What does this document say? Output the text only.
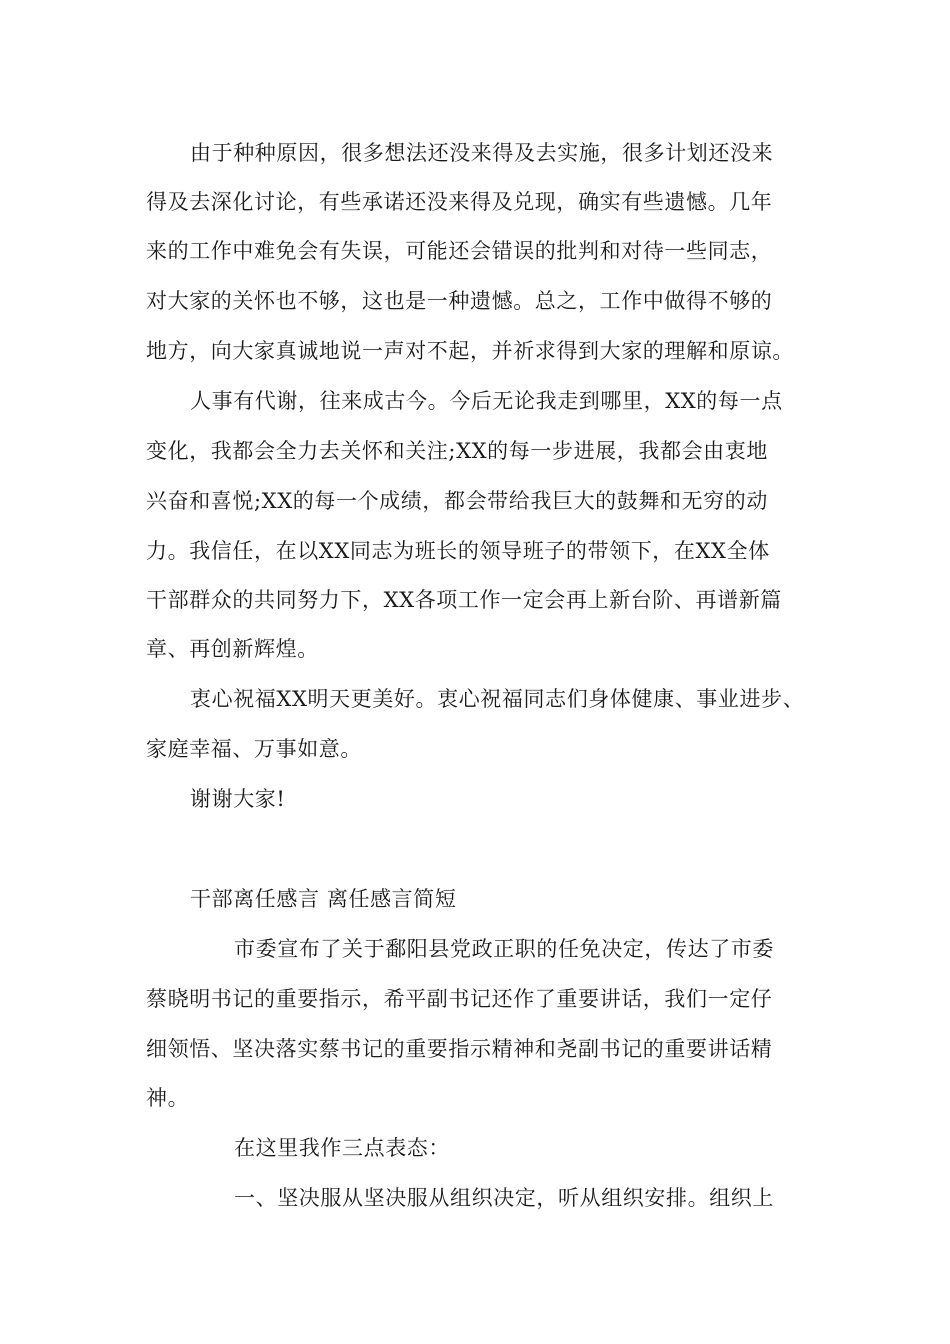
由于种种原因，很多想法还没来得及去实施，很多计划还没来
得及去深化讨论，有些承诺还没来得及兑现，确实有些遗憾。几年
来的工作中难免会有失误，可能还会错误的批判和对待一些同志，
对大家的关怀也不够，这也是一种遗憾。总之，工作中做得不够的
地方，向大家真诚地说一声对不起，并祈求得到大家的理解和原谅。
人事有代谢，往来成古今。今后无论我走到哪里，XX的每一点
变化，我都会全力去关怀和关注;XX的每一步进展，我都会由衷地
兴奋和喜悦;XX的每一个成绩，都会带给我巨大的鼓舞和无穷的动
力。我信任，在以XX同志为班长的领导班子的带领下，在XX全体
干部群众的共同努力下，XX各项工作一定会再上新台阶、再谱新篇
章、再创新辉煌。
衷心祝福XX明天更美好。衷心祝福同志们身体健康、事业进步、
家庭幸福、万事如意。
谢谢大家!
干部离任感言 离任感言简短
市委宣布了关于鄱阳县党政正职的任免决定，传达了市委
蔡晓明书记的重要指示，希平副书记还作了重要讲话，我们一定仔
细领悟、坚决落实蔡书记的重要指示精神和尧副书记的重要讲话精
神。
在这里我作三点表态：
一、坚决服从坚决服从组织决定，听从组织安排。组织上
